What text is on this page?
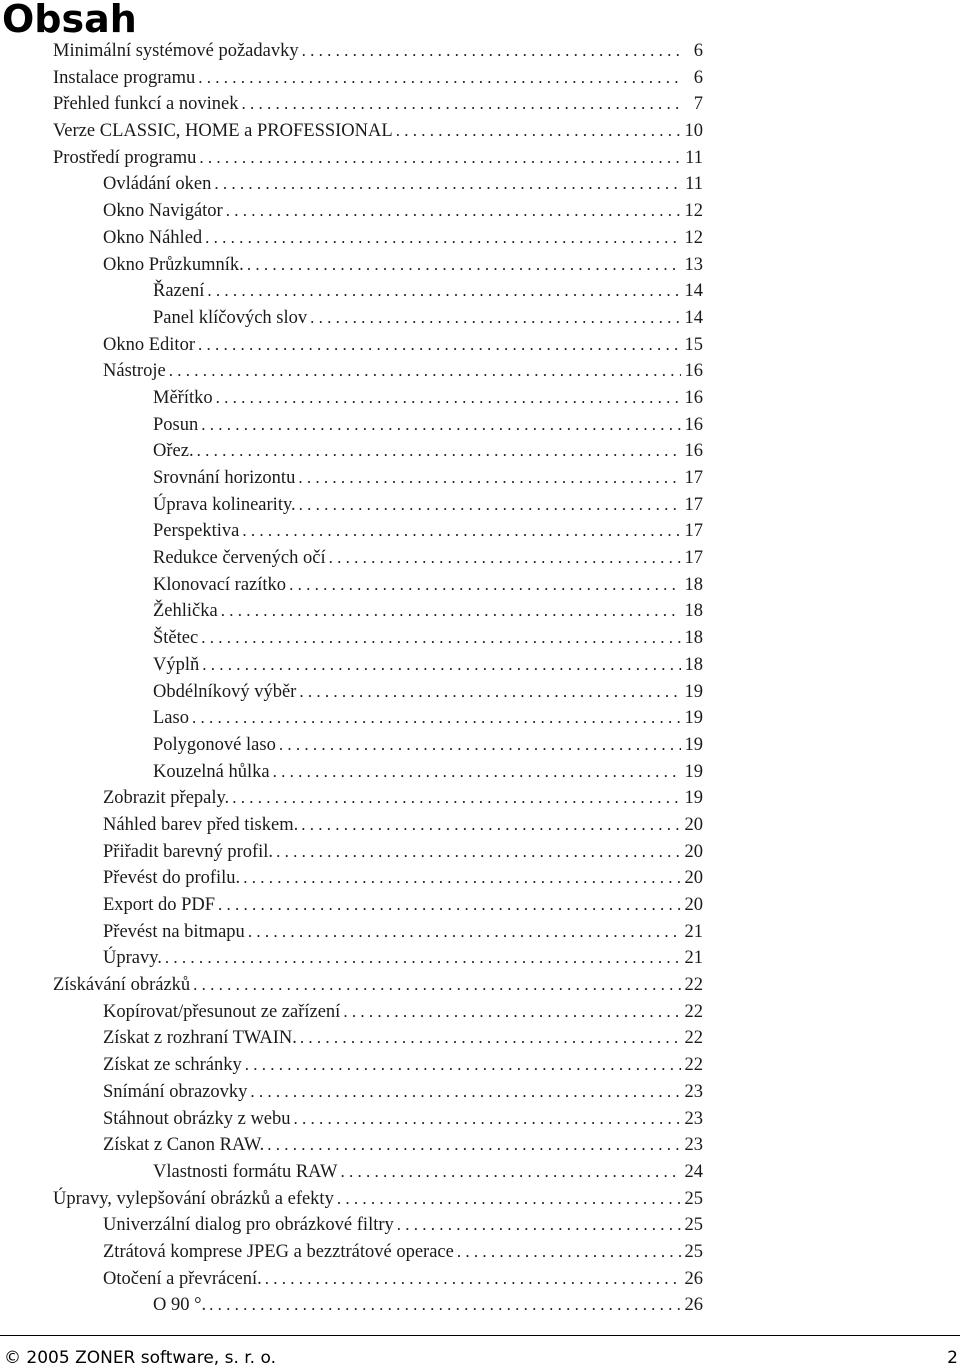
Obsah
Minimální systémové požadavky . . .	6
Instalace programu . . .	6
Přehled funkcí a novinek . . .	7
Verze CLASSIC, HOME a PROFESSIONAL . . .	10
Prostředí programu . . .	11
Ovládání oken . . .	11
Okno Navigátor . . .	12
Okno Náhled . . .	12
Okno Průzkumník. . . .	13
Řazení . . .	14
Panel klíčových slov . . .	14
Okno Editor . . .	15
Nástroje . . .	16
Měřítko . . .	16
Posun . . .	16
Ořez. . . .	16
Srovnání horizontu . . .	17
Úprava kolinearity. . . .	17
Perspektiva . . .	17
Redukce červených očí . . .	17
Klonovací razítko . . .	18
Žehlička . . .	18
Štětec . . .	18
Výplň . . .	18
Obdélníkový výběr . . .	19
Laso . . .	19
Polygonové laso . . .	19
Kouzelná hůlka . . .	19
Zobrazit přepaly. . . .	19
Náhled barev před tiskem. . . .	20
Přiřadit barevný profil. . . .	20
Převést do profilu. . . .	20
Export do PDF . . .	20
Převést na bitmapu . . .	21
Úpravy. . . .	21
Získávání obrázků . . .	22
Kopírovat/přesunout ze zařízení . . .	22
Získat z rozhraní TWAIN. . . .	22
Získat ze schránky . . .	22
Snímání obrazovky . . .	23
Stáhnout obrázky z webu . . .	23
Získat z Canon RAW. . . .	23
Vlastnosti formátu RAW . . .	24
Úpravy, vylepšování obrázků a efekty . . .	25
Univerzální dialog pro obrázkové filtry . . .	25
Ztrátová komprese JPEG a bezztrátové operace . . .	25
Otočení a převrácení. . . .	26
O 90 °. . . .	26
© 2005 ZONER software, s. r. o.	2
